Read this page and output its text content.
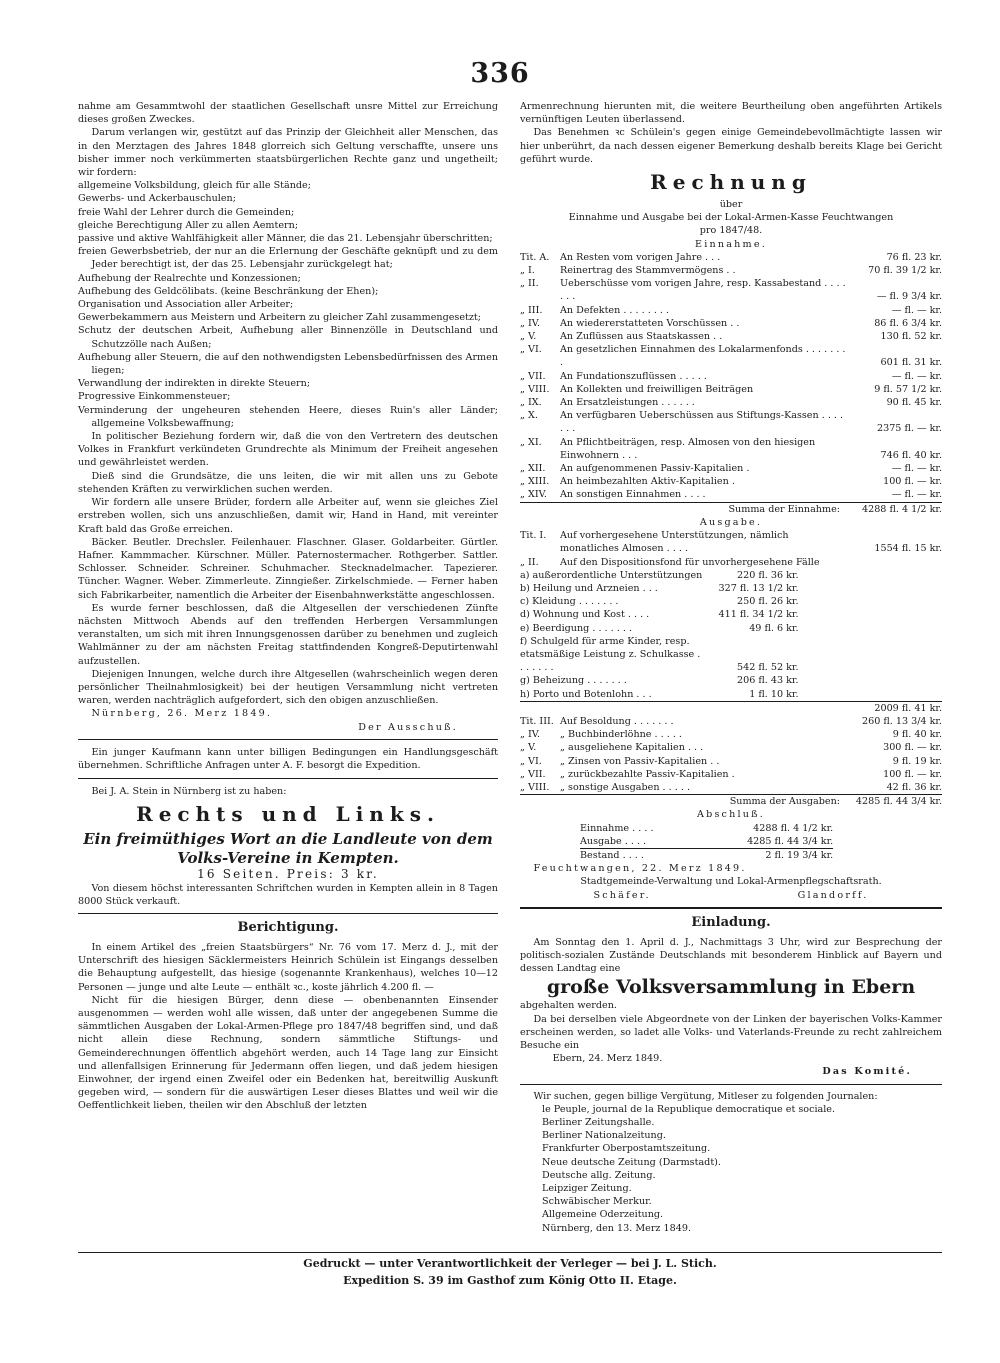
336

nahme am Gesammtwohl der staatlichen Gesellschaft unsre Mittel zur Erreichung dieses großen Zweckes.

Darum verlangen wir, gestützt auf das Prinzip der Gleichheit aller Menschen, das in den Merztagen des Jahres 1848 glorreich sich Geltung verschaffte, unsere uns bisher immer noch verkümmerten staatsbürgerlichen Rechte ganz und ungetheilt; wir fordern:

allgemeine Volksbildung, gleich für alle Stände;

Gewerbs- und Ackerbauschulen;

freie Wahl der Lehrer durch die Gemeinden;

gleiche Berechtigung Aller zu allen Aemtern;

passive und aktive Wahlfähigkeit aller Männer, die das 21. Lebensjahr überschritten;

freien Gewerbsbetrieb, der nur an die Erlernung der Geschäfte geknüpft und zu dem Jeder berechtigt ist, der das 25. Lebensjahr zurückgelegt hat;

Aufhebung der Realrechte und Konzessionen;

Aufhebung des Geldcölibats. (keine Beschränkung der Ehen);

Organisation und Association aller Arbeiter;

Gewerbekammern aus Meistern und Arbeitern zu gleicher Zahl zusammengesetzt;

Schutz der deutschen Arbeit, Aufhebung aller Binnenzölle in Deutschland und Schutzzölle nach Außen;

Aufhebung aller Steuern, die auf den nothwendigsten Lebensbedürfnissen des Armen liegen;

Verwandlung der indirekten in direkte Steuern;

Progressive Einkommensteuer;

Verminderung der ungeheuren stehenden Heere, dieses Ruin's aller Länder; allgemeine Volksbewaffnung;

In politischer Beziehung fordern wir, daß die von den Vertretern des deutschen Volkes in Frankfurt verkündeten Grundrechte als Minimum der Freiheit angesehen und gewährleistet werden.

Dieß sind die Grundsätze, die uns leiten, die wir mit allen uns zu Gebote stehenden Kräften zu verwirklichen suchen werden.

Wir fordern alle unsere Brüder, fordern alle Arbeiter auf, wenn sie gleiches Ziel erstreben wollen, sich uns anzuschließen, damit wir, Hand in Hand, mit vereinter Kraft bald das Große erreichen.

Bäcker. Beutler. Drechsler. Feilenhauer. Flaschner. Glaser. Goldarbeiter. Gürtler. Hafner. Kammmacher. Kürschner. Müller. Paternostermacher. Rothgerber. Sattler. Schlosser. Schneider. Schreiner. Schuhmacher. Stecknadelmacher. Tapezierer. Tüncher. Wagner. Weber. Zimmerleute. Zinngießer. Zirkelschmiede. — Ferner haben sich Fabrikarbeiter, namentlich die Arbeiter der Eisenbahnwerkstätte angeschlossen.

Es wurde ferner beschlossen, daß die Altgesellen der verschiedenen Zünfte nächsten Mittwoch Abends auf den treffenden Herbergen Versammlungen veranstalten, um sich mit ihren Innungsgenossen darüber zu benehmen und zugleich Wahlmänner zu der am nächsten Freitag stattfindenden Kongreß-Deputirtenwahl aufzustellen.

Diejenigen Innungen, welche durch ihre Altgesellen (wahrscheinlich wegen deren persönlicher Theilnahmlosigkeit) bei der heutigen Versammlung nicht vertreten waren, werden nachträglich aufgefordert, sich den obigen anzuschließen.

Nürnberg, 26. Merz 1849.

Der Ausschuß.

Ein junger Kaufmann kann unter billigen Bedingungen ein Handlungsgeschäft übernehmen. Schriftliche Anfragen unter A. F. besorgt die Expedition.

Bei J. A. Stein in Nürnberg ist zu haben:

Rechts und Links.
Ein freimüthiges Wort an die Landleute von dem Volks-Vereine in Kempten.
16 Seiten. Preis: 3 kr.

Von diesem höchst interessanten Schriftchen wurden in Kempten allein in 8 Tagen 8000 Stück verkauft.

Berichtigung.

In einem Artikel des „freien Staatsbürgers“ Nr. 76 vom 17. Merz d. J., mit der Unterschrift des hiesigen Säcklermeisters Heinrich Schülein ist Eingangs desselben die Behauptung aufgestellt, das hiesige (sogenannte Krankenhaus), welches 10—12 Personen — junge und alte Leute — enthält ꝛc., koste jährlich 4.200 fl. —

Nicht für die hiesigen Bürger, denn diese — obenbenannten Einsender ausgenommen — werden wohl alle wissen, daß unter der angegebenen Summe die sämmtlichen Ausgaben der Lokal-Armen-Pflege pro 1847/48 begriffen sind, und daß nicht allein diese Rechnung, sondern sämmtliche Stiftungs- und Gemeinderechnungen öffentlich abgehört werden, auch 14 Tage lang zur Einsicht und allenfallsigen Erinnerung für Jedermann offen liegen, und daß jedem hiesigen Einwohner, der irgend einen Zweifel oder ein Bedenken hat, bereitwillig Auskunft gegeben wird, — sondern für die auswärtigen Leser dieses Blattes und weil wir die Oeffentlichkeit lieben, theilen wir den Abschluß der letzten

Armenrechnung hierunten mit, die weitere Beurtheilung oben angeführten Artikels vernünftigen Leuten überlassend.

Das Benehmen ꝛc Schülein's gegen einige Gemeindebevollmächtigte lassen wir hier unberührt, da nach dessen eigener Bemerkung deshalb bereits Klage bei Gericht geführt wurde.

Rechnung
über
Einnahme und Ausgabe bei der Lokal-Armen-Kasse Feuchtwangen
pro 1847/48.
Einnahme.
Tit. A.	An Resten vom vorigen Jahre . . .	76 fl. 23 kr.
„ I.	Reinertrag des Stammvermögens . .	70 fl. 39 1/2 kr.
„ II.	Ueberschüsse vom vorigen Jahre, resp. Kassabestand . . . . . . .	— fl. 9 3/4 kr.
„ III.	An Defekten . . . . . . . .	— fl. — kr.
„ IV.	An wiedererstatteten Vorschüssen . .	86 fl. 6 3/4 kr.
„ V.	An Zuflüssen aus Staatskassen . .	130 fl. 52 kr.
„ VI.	An gesetzlichen Einnahmen des Lokalarmenfonds . . . . . . . .	601 fl. 31 kr.
„ VII.	An Fundationszuflüssen . . . . .	— fl. — kr.
„ VIII.	An Kollekten und freiwilligen Beiträgen	9 fl. 57 1/2 kr.
„ IX.	An Ersatzleistungen . . . . . .	90 fl. 45 kr.
„ X.	An verfügbaren Ueberschüssen aus Stiftungs-Kassen . . . . . . .	2375 fl. — kr.
„ XI.	An Pflichtbeiträgen, resp. Almosen von den hiesigen Einwohnern . . .	746 fl. 40 kr.
„ XII.	An aufgenommenen Passiv-Kapitalien .	— fl. — kr.
„ XIII.	An heimbezahlten Aktiv-Kapitalien .	100 fl. — kr.
„ XIV.	An sonstigen Einnahmen . . . .	— fl. — kr.
	Summa der Einnahme:	4288 fl. 4 1/2 kr.
Ausgabe.
Tit. I.	Auf vorhergesehene Unterstützungen, nämlich monatliches Almosen . . . .	1554 fl. 15 kr.
„ II.	Auf den Dispositionsfond für unvorhergesehene Fälle	
a) außerordentliche Unterstützungen	220 fl. 36 kr.
b) Heilung und Arzneien . . .	327 fl. 13 1/2 kr.
c) Kleidung . . . . . . .	250 fl. 26 kr.
d) Wohnung und Kost . . . .	411 fl. 34 1/2 kr.
e) Beerdigung . . . . . . .	49 fl. 6 kr.
f) Schulgeld für arme Kinder, resp. etatsmäßige Leistung z. Schulkasse . . . . . . .	542 fl. 52 kr.
g) Beheizung . . . . . . .	206 fl. 43 kr.
h) Porto und Botenlohn . . .	1 fl. 10 kr.
		2009 fl. 41 kr.
Tit. III.	Auf Besoldung . . . . . . .	260 fl. 13 3/4 kr.
„ IV.	„ Buchbinderlöhne . . . . .	9 fl. 40 kr.
„ V.	„ ausgeliehene Kapitalien . . .	300 fl. — kr.
„ VI.	„ Zinsen von Passiv-Kapitalien . .	9 fl. 19 kr.
„ VII.	„ zurückbezahlte Passiv-Kapitalien .	100 fl. — kr.
„ VIII.	„ sonstige Ausgaben . . . . .	42 fl. 36 kr.
	Summa der Ausgaben:	4285 fl. 44 3/4 kr.
Abschluß.
Einnahme . . . .	4288 fl. 4 1/2 kr.
Ausgabe . . . .	4285 fl. 44 3/4 kr.
Bestand . . . .	2 fl. 19 3/4 kr.

Feuchtwangen, 22. Merz 1849.

Stadtgemeinde-Verwaltung und Lokal-Armenpflegschaftsrath.
Schäfer.	Glandorff.
Einladung.

Am Sonntag den 1. April d. J., Nachmittags 3 Uhr, wird zur Besprechung der politisch-sozialen Zustände Deutschlands mit besonderem Hinblick auf Bayern und dessen Landtag eine

große Volksversammlung in Ebern

abgehalten werden.

Da bei derselben viele Abgeordnete von der Linken der bayerischen Volks-Kammer erscheinen werden, so ladet alle Volks- und Vaterlands-Freunde zu recht zahlreichem Besuche ein

Ebern, 24. Merz 1849.

Das Komité.

Wir suchen, gegen billige Vergütung, Mitleser zu folgenden Journalen:

le Peuple, journal de la Republique democratique et sociale.
Berliner Zeitungshalle.
Berliner Nationalzeitung.
Frankfurter Oberpostamtszeitung.
Neue deutsche Zeitung (Darmstadt).
Deutsche allg. Zeitung.
Leipziger Zeitung.
Schwäbischer Merkur.
Allgemeine Oderzeitung.
Nürnberg, den 13. Merz 1849.
Gedruckt — unter Verantwortlichkeit der Verleger — bei J. L. Stich.
Expedition S. 39 im Gasthof zum König Otto II. Etage.
